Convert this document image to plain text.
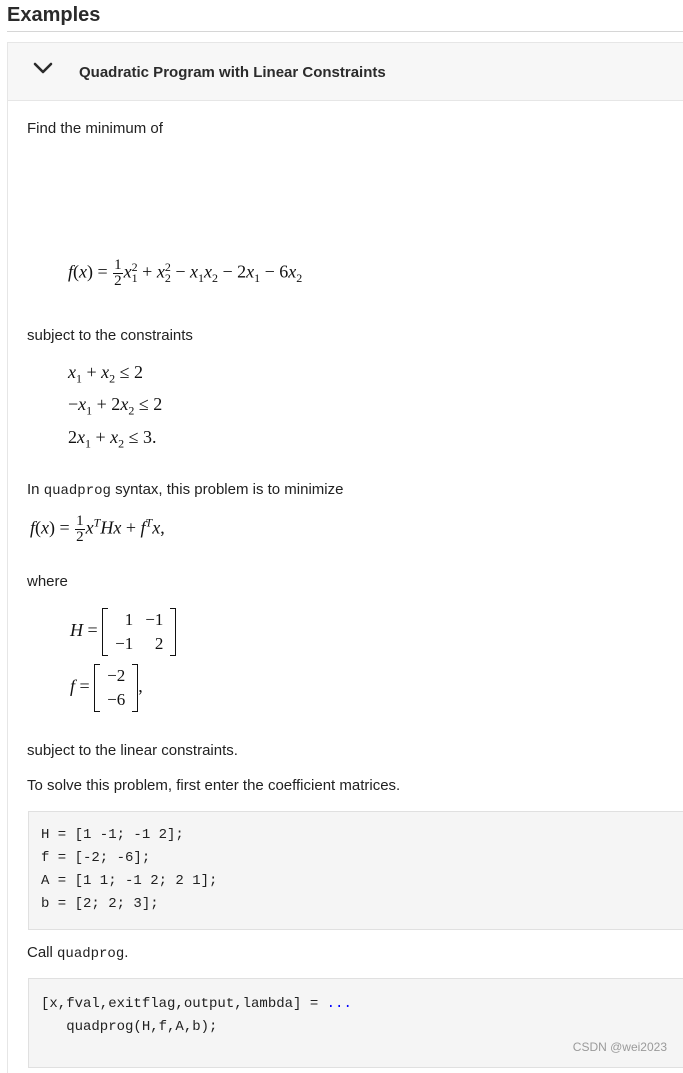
Examples
Quadratic Program with Linear Constraints
Find the minimum of
$f(x) = \frac{1}{2} x_1^2 + x_2^2 - x_1x_2 - 2x_1 - 6x_2$
subject to the constraints
$x_1 + x_2 \le 2$
$-x_1 + 2x_2 \le 2$
$2x_1 + x_2 \le 3$.
In quadprog syntax, this problem is to minimize
$f(x) = \frac{1}{2} x^THx + f^Tx$,
where
H =
1	−1
−1	2
f =
−2
−6
,
subject to the linear constraints.
To solve this problem, first enter the coefficient matrices.
H = [1 -1; -1 2];
f = [-2; -6];
A = [1 1; -1 2; 2 1];
b = [2; 2; 3];
Call quadprog.
[x,fval,exitflag,output,lambda] = ...
quadprog(H,f,A,b);
CSDN @wei2023
